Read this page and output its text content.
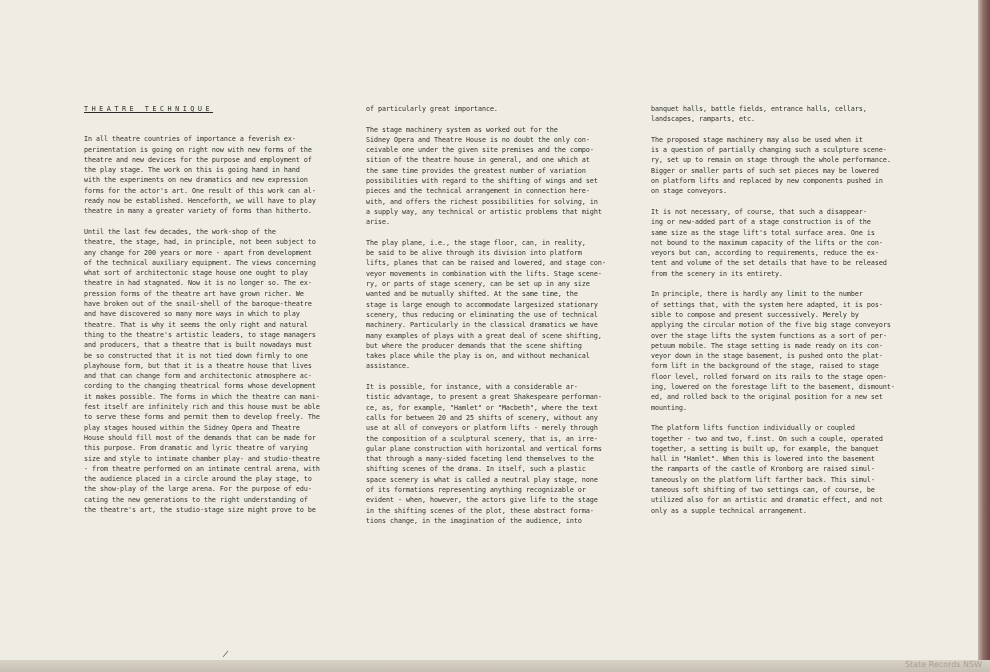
THEATRE TECHNIQUE

In all theatre countries of importance a feverish ex-
perimentation is going on right now with new forms of the
theatre and new devices for the purpose and employment of
the play stage. The work on this is going hand in hand
with the experiments on new dramatics and new expression
forms for the actor's art. One result of this work can al-
ready now be established. Henceforth, we will have to play
theatre in many a greater variety of forms than hitherto.

Until the last few decades, the work-shop of the
theatre, the stage, had, in principle, not been subject to
any change for 200 years or more - apart from development
of the technical auxiliary equipment. The views concerning
what sort of architectonic stage house one ought to play
theatre in had stagnated. Now it is no longer so. The ex-
pression forms of the theatre art have grown richer. We
have broken out of the snail-shell of the baroque-theatre
and have discovered so many more ways in which to play
theatre. That is why it seems the only right and natural
thing to the theatre's artistic leaders, to stage managers
and producers, that a theatre that is built nowadays must
be so constructed that it is not tied down firmly to one
playhouse form, but that it is a theatre house that lives
and that can change form and architectonic atmosphere ac-
cording to the changing theatrical forms whose development
it makes possible. The forms in which the theatre can mani-
fest itself are infinitely rich and this house must be able
to serve these forms and permit them to develop freely. The
play stages housed within the Sidney Opera and Theatre
House should fill most of the demands that can be made for
this purpose. From dramatic and lyric theatre of varying
size and style to intimate chamber play- and studio-theatre
- from theatre performed on an intimate central arena, with
the audience placed in a circle around the play stage, to
the show-play of the large arena. For the purpose of edu-
cating the new generations to the right understanding of
the theatre's art, the studio-stage size might prove to be

of particularly great importance.

The stage machinery system as worked out for the
Sidney Opera and Theatre House is no doubt the only con-
ceivable one under the given site premises and the compo-
sition of the theatre house in general, and one which at
the same time provides the greatest number of variation
possibilities with regard to the shifting of wings and set
pieces and the technical arrangement in connection here-
with, and offers the richest possibilities for solving, in
a supply way, any technical or artistic problems that might
arise.

The play plane, i.e., the stage floor, can, in reality,
be said to be alive through its division into platform
lifts, planes that can be raised and lowered, and stage con-
veyor movements in combination with the lifts. Stage scene-
ry, or parts of stage scenery, can be set up in any size
wanted and be mutually shifted. At the same time, the
stage is large enough to accommodate largesized stationary
scenery, thus reducing or eliminating the use of technical
machinery. Particularly in the classical dramatics we have
many examples of plays with a great deal of scene shifting,
but where the producer demands that the scene shifting
takes place while the play is on, and without mechanical
assistance.

It is possible, for instance, with a considerable ar-
tistic advantage, to present a great Shakespeare performan-
ce, as, for example, "Hamlet" or "Macbeth", where the text
calls for between 20 and 25 shifts of scenery, without any
use at all of conveyors or platform lifts - merely through
the composition of a sculptural scenery, that is, an irre-
gular plane construction with horizontal and vertical forms
that through a many-sided faceting lend themselves to the
shifting scenes of the drama. In itself, such a plastic
space scenery is what is called a neutral play stage, none
of its formations representing anything recognizable or
evident - when, however, the actors give life to the stage
in the shifting scenes of the plot, these abstract forma-
tions change, in the imagination of the audience, into

banquet halls, battle fields, entrance halls, cellars,
landscapes, ramparts, etc.

The proposed stage machinery may also be used when it
is a question of partially changing such a sculpture scene-
ry, set up to remain on stage through the whole performance.
Bigger or smaller parts of such set pieces may be lowered
on platform lifts and replaced by new components pushed in
on stage conveyors.

It is not necessary, of course, that such a disappear-
ing or new-added part of a stage construction is of the
same size as the stage lift's total surface area. One is
not bound to the maximum capacity of the lifts or the con-
veyors but can, according to requirements, reduce the ex-
tent and volume of the set details that have to be released
from the scenery in its entirety.

In principle, there is hardly any limit to the number
of settings that, with the system here adapted, it is pos-
sible to compose and present successively. Merely by
applying the circular motion of the five big stage conveyors
over the stage lifts the system functions as a sort of per-
petuum mobile. The stage setting is made ready on its con-
veyor down in the stage basement, is pushed onto the plat-
form lift in the background of the stage, raised to stage
floor level, rolled forward on its rails to the stage open-
ing, lowered on the forestage lift to the basement, dismount-
ed, and rolled back to the original position for a new set
mounting.

The platform lifts function individually or coupled
together - two and two, f.inst. On such a couple, operated
together, a setting is built up, for example, the banquet
hall in "Hamlet". When this is lowered into the basement
the ramparts of the castle of Kronborg are raised simul-
taneously on the platform lift farther back. This simul-
taneous soft shifting of two settings can, of course, be
utilized also for an artistic and dramatic effect, and not
only as a supple technical arrangement.

State Records NSW
